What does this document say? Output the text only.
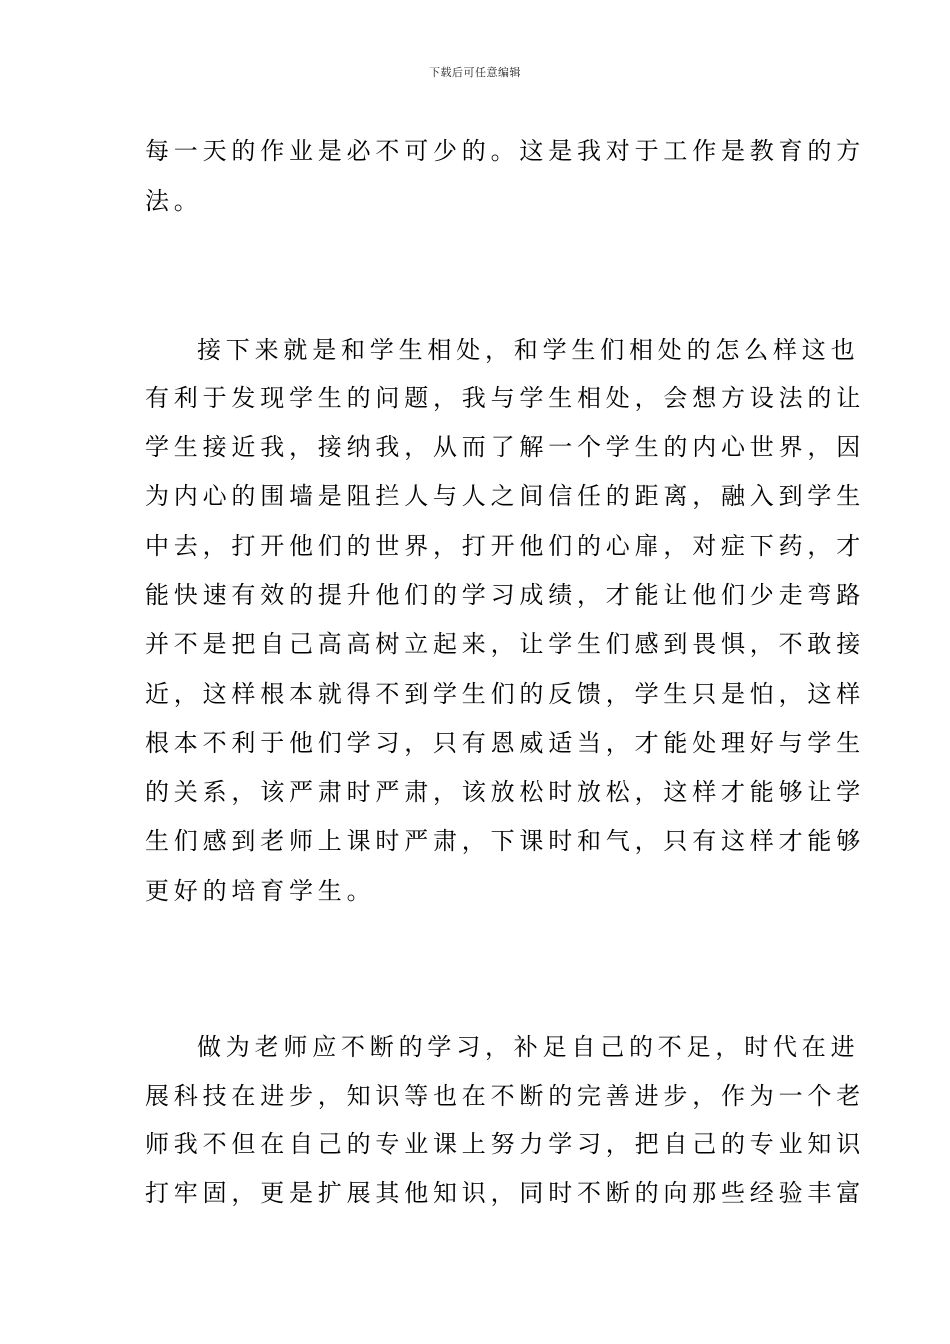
下载后可任意编辑
每一天的作业是必不可少的。这是我对于工作是教育的方
法。
接下来就是和学生相处，和学生们相处的怎么样这也
有利于发现学生的问题，我与学生相处，会想方设法的让
学生接近我，接纳我，从而了解一个学生的内心世界，因
为内心的围墙是阻拦人与人之间信任的距离，融入到学生
中去，打开他们的世界，打开他们的心扉，对症下药，才
能快速有效的提升他们的学习成绩，才能让他们少走弯路
并不是把自己高高树立起来，让学生们感到畏惧，不敢接
近，这样根本就得不到学生们的反馈，学生只是怕，这样
根本不利于他们学习，只有恩威适当，才能处理好与学生
的关系，该严肃时严肃，该放松时放松，这样才能够让学
生们感到老师上课时严肃，下课时和气，只有这样才能够
更好的培育学生。
做为老师应不断的学习，补足自己的不足，时代在进
展科技在进步，知识等也在不断的完善进步，作为一个老
师我不但在自己的专业课上努力学习，把自己的专业知识
打牢固，更是扩展其他知识，同时不断的向那些经验丰富
